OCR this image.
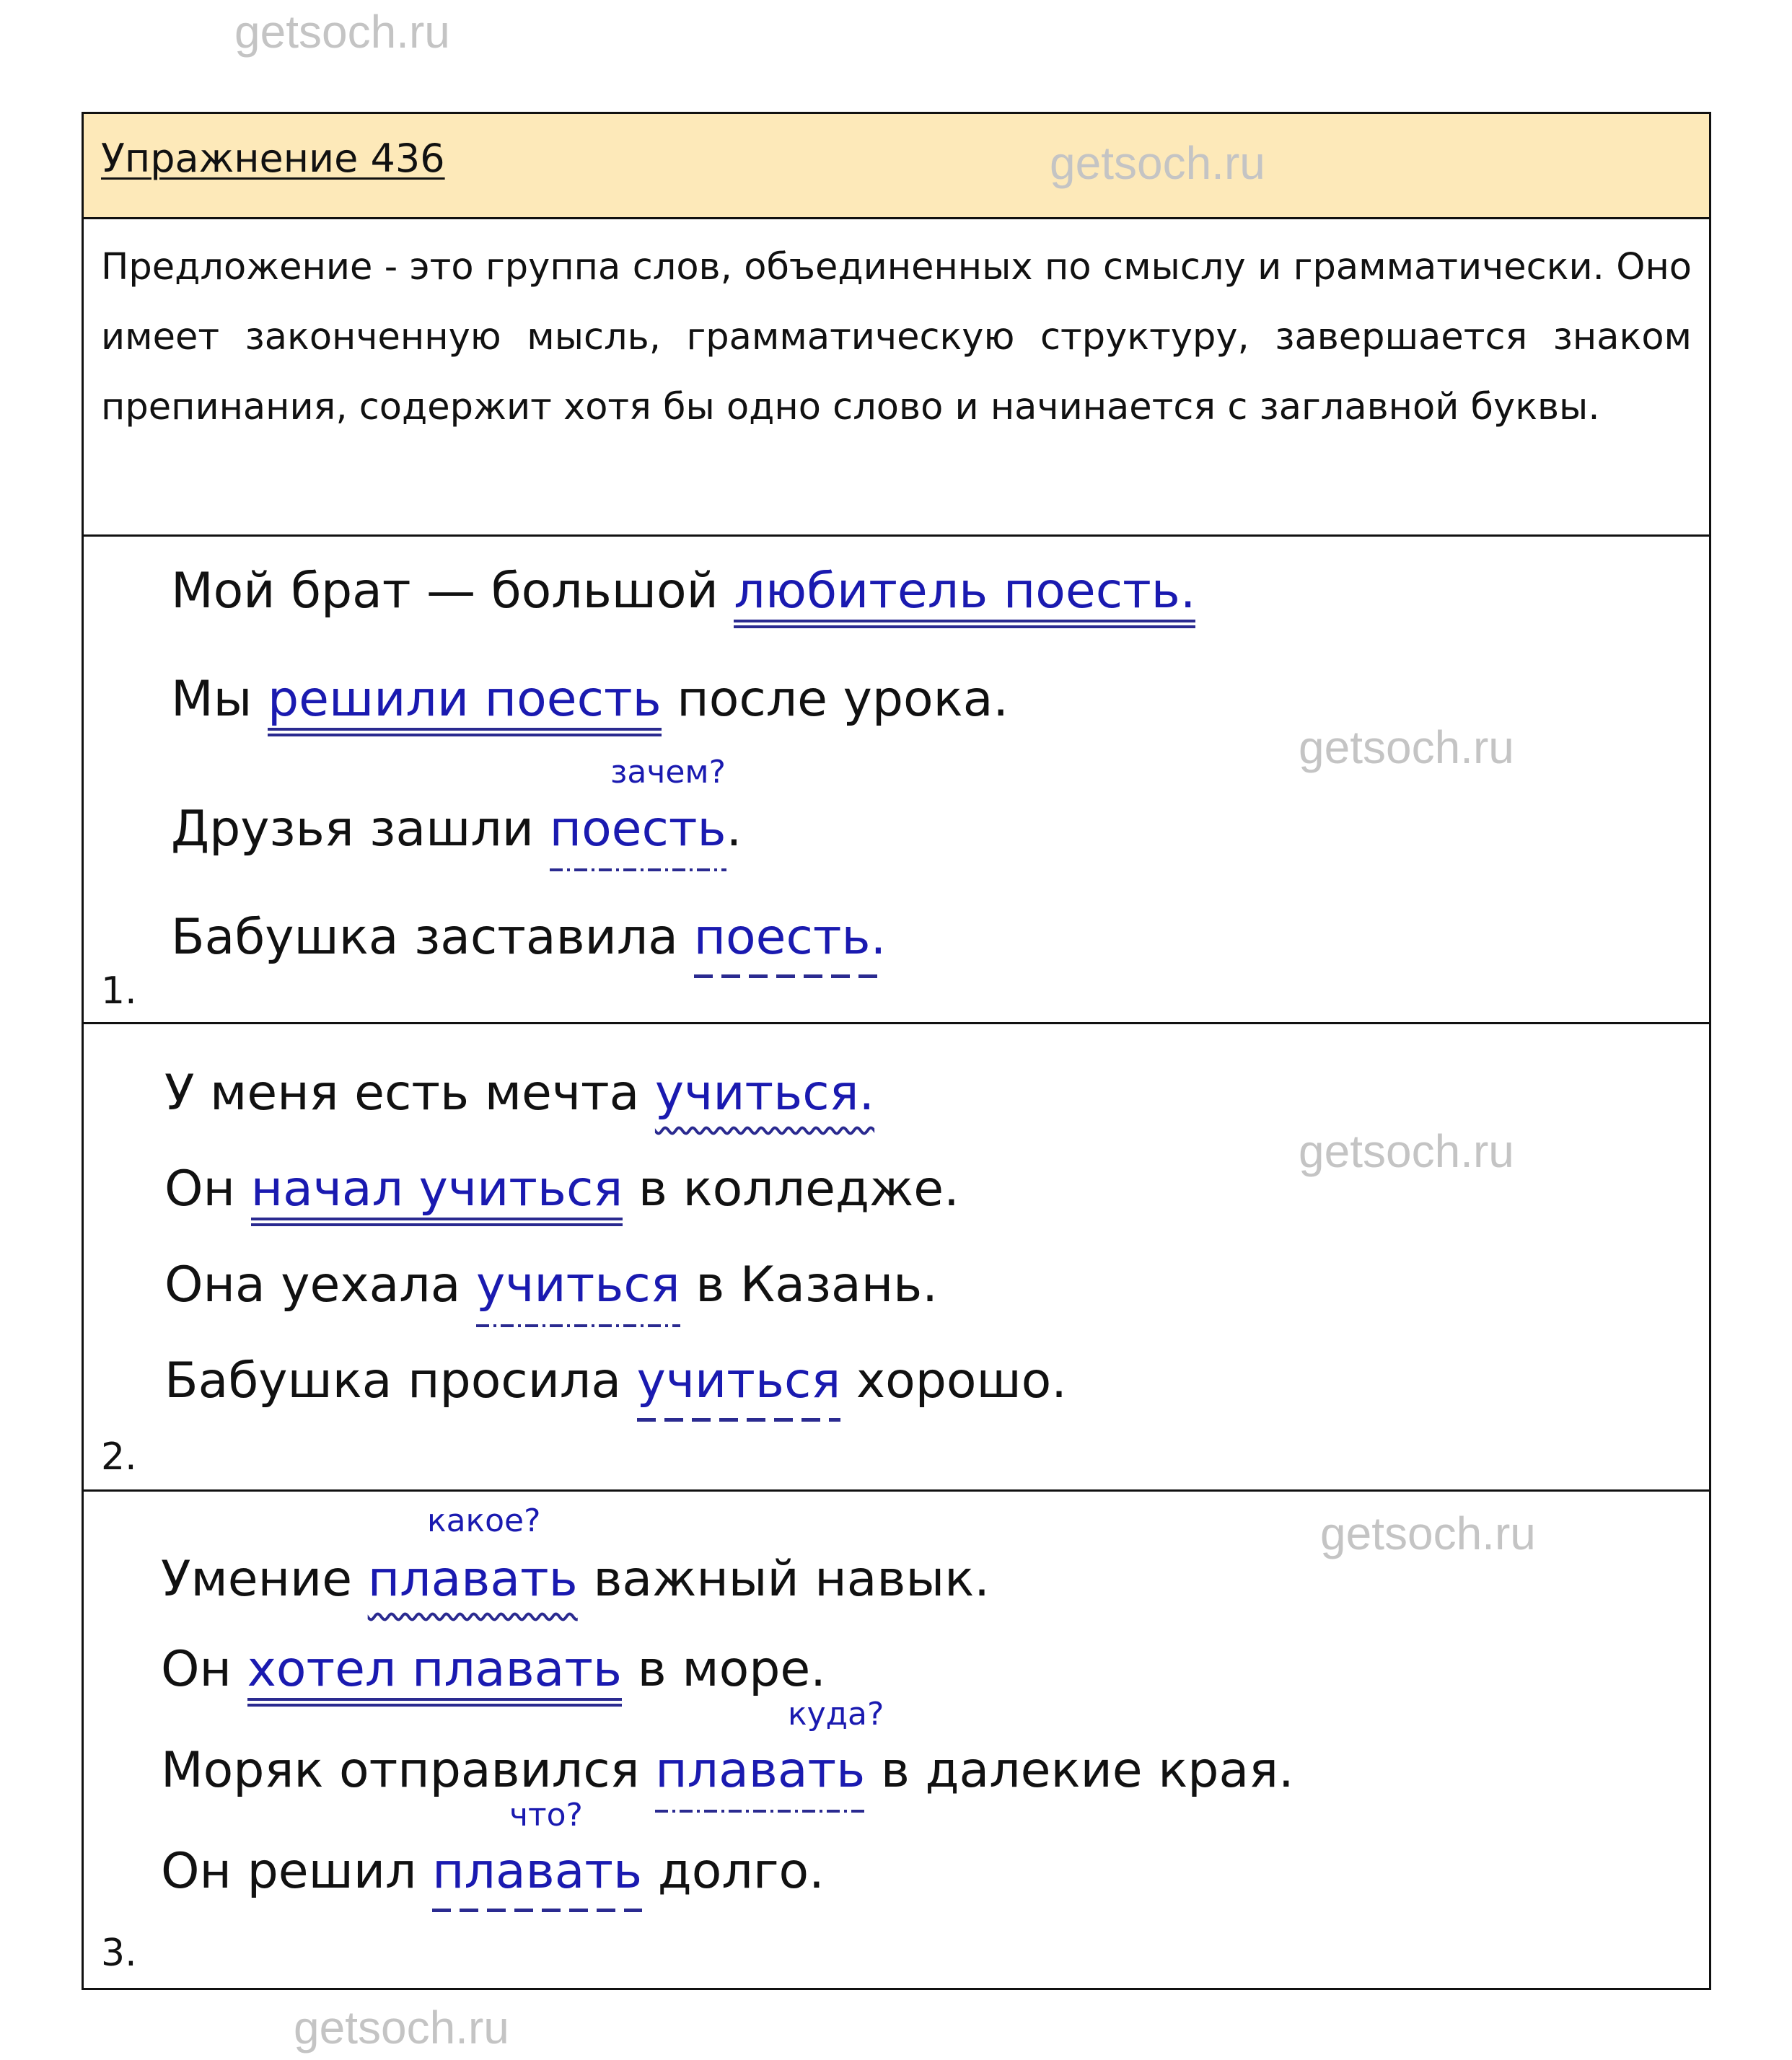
Упражнение 436
Предложение - это группа слов, объединенных по смыслу и грамматически. Оно имеет законченную мысль, грамматическую структуру, завершается знаком препинания, содержит хотя бы одно слово и начинается с заглавной буквы.
1.
2.
3.
Мой брат — большой любитель поесть.
Мы решили поесть после урока.
Друзья зашли поесть.
Бабушка заставила поесть.
У меня есть мечта учиться.
Он начал учиться в колледже.
Она уехала учиться в Казань.
Бабушка просила учиться хорошо.
Умение плавать важный навык.
Он хотел плавать в море.
Моряк отправился плавать в далекие края.
Он решил плавать долго.
зачем?
какое?
куда?
что?
getsoch.ru
getsoch.ru
getsoch.ru
getsoch.ru
getsoch.ru
getsoch.ru
